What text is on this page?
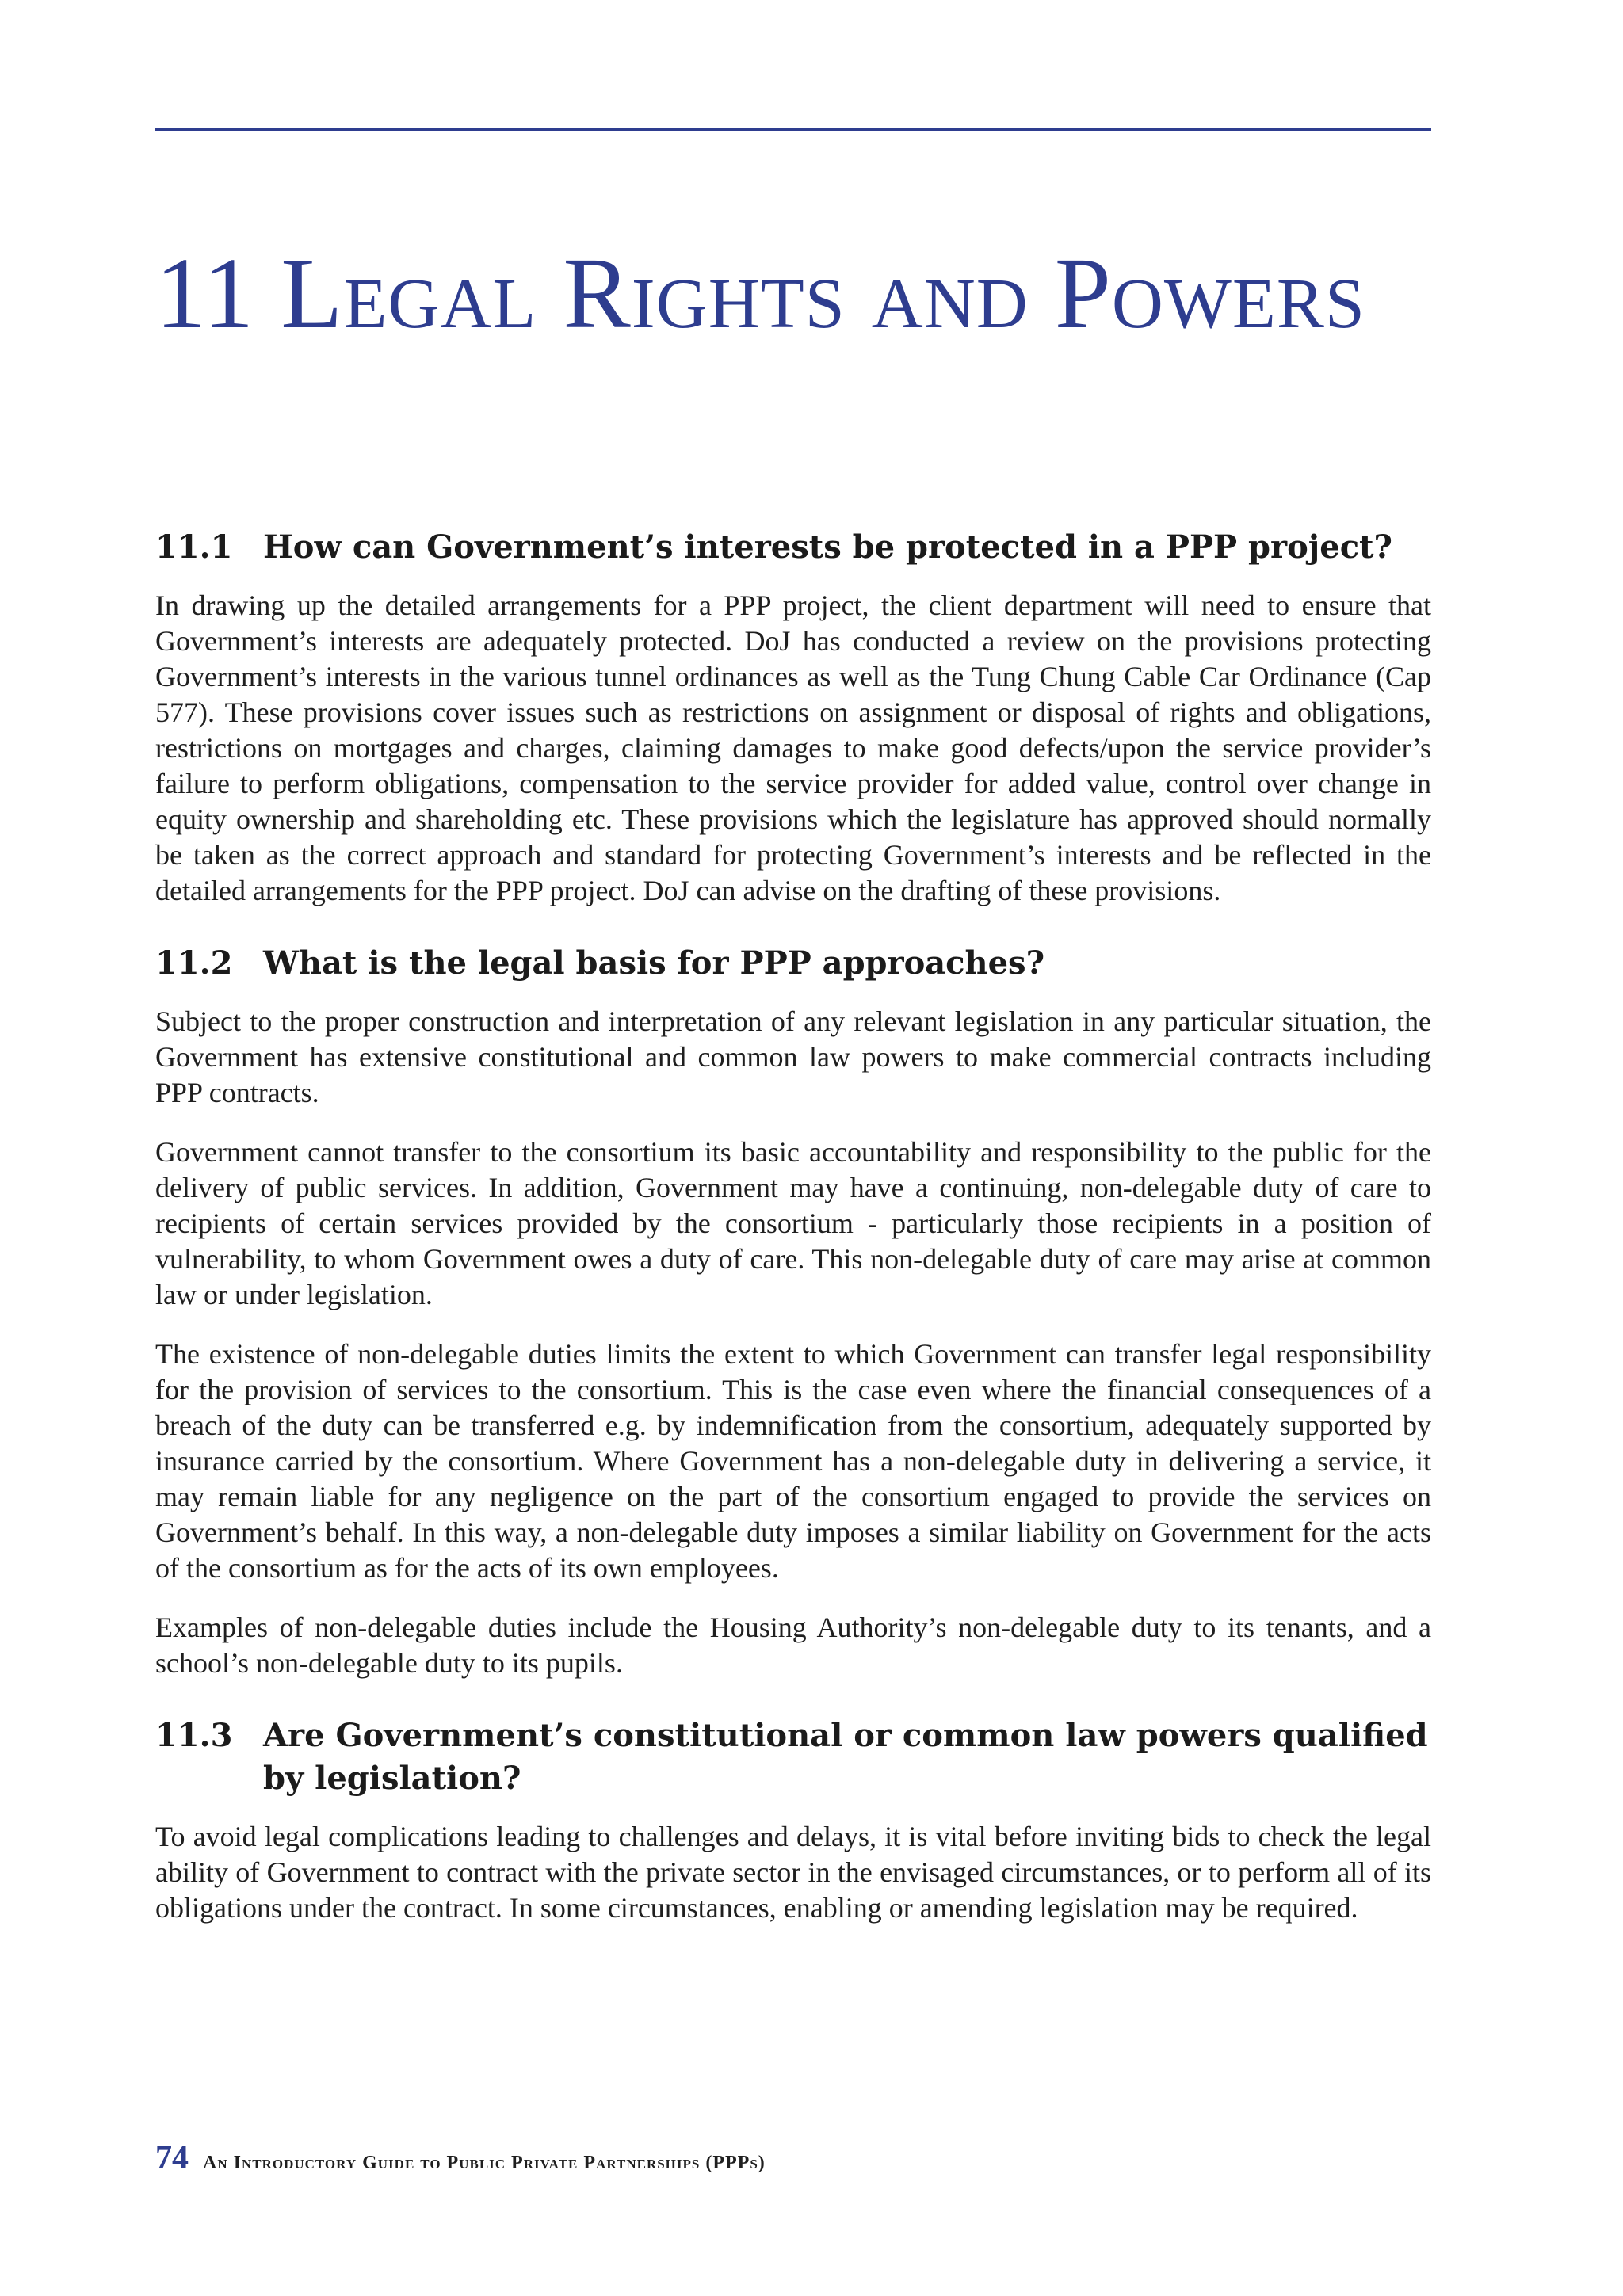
11 Legal Rights and Powers
11.1 How can Government’s interests be protected in a PPP project?

In drawing up the detailed arrangements for a PPP project, the client department will need to ensure that Government’s interests are adequately protected. DoJ has conducted a review on the provisions protecting Government’s interests in the various tunnel ordinances as well as the Tung Chung Cable Car Ordinance (Cap 577). These provisions cover issues such as restrictions on assignment or disposal of rights and obligations, restrictions on mortgages and charges, claiming damages to make good defects/upon the service provider’s failure to perform obligations, compensation to the service provider for added value, control over change in equity ownership and shareholding etc. These provisions which the legislature has approved should normally be taken as the correct approach and standard for protecting Government’s interests and be reflected in the detailed arrangements for the PPP project. DoJ can advise on the drafting of these provisions.

11.2 What is the legal basis for PPP approaches?

Subject to the proper construction and interpretation of any relevant legislation in any particular situation, the Government has extensive constitutional and common law powers to make commercial contracts including PPP contracts.

Government cannot transfer to the consortium its basic accountability and responsibility to the public for the delivery of public services. In addition, Government may have a continuing, non-delegable duty of care to recipients of certain services provided by the consortium - particularly those recipients in a position of vulnerability, to whom Government owes a duty of care. This non-delegable duty of care may arise at common law or under legislation.

The existence of non-delegable duties limits the extent to which Government can transfer legal responsibility for the provision of services to the consortium. This is the case even where the financial consequences of a breach of the duty can be transferred e.g. by indemnification from the consortium, adequately supported by insurance carried by the consortium. Where Government has a non-delegable duty in delivering a service, it may remain liable for any negligence on the part of the consortium engaged to provide the services on Government’s behalf. In this way, a non-delegable duty imposes a similar liability on Government for the acts of the consortium as for the acts of its own employees.

Examples of non-delegable duties include the Housing Authority’s non-delegable duty to its tenants, and a school’s non-delegable duty to its pupils.

11.3 Are Government’s constitutional or common law powers qualified by legislation?

To avoid legal complications leading to challenges and delays, it is vital before inviting bids to check the legal ability of Government to contract with the private sector in the envisaged circumstances, or to perform all of its obligations under the contract. In some circumstances, enabling or amending legislation may be required.

74 An Introductory Guide to Public Private Partnerships (PPPs)
